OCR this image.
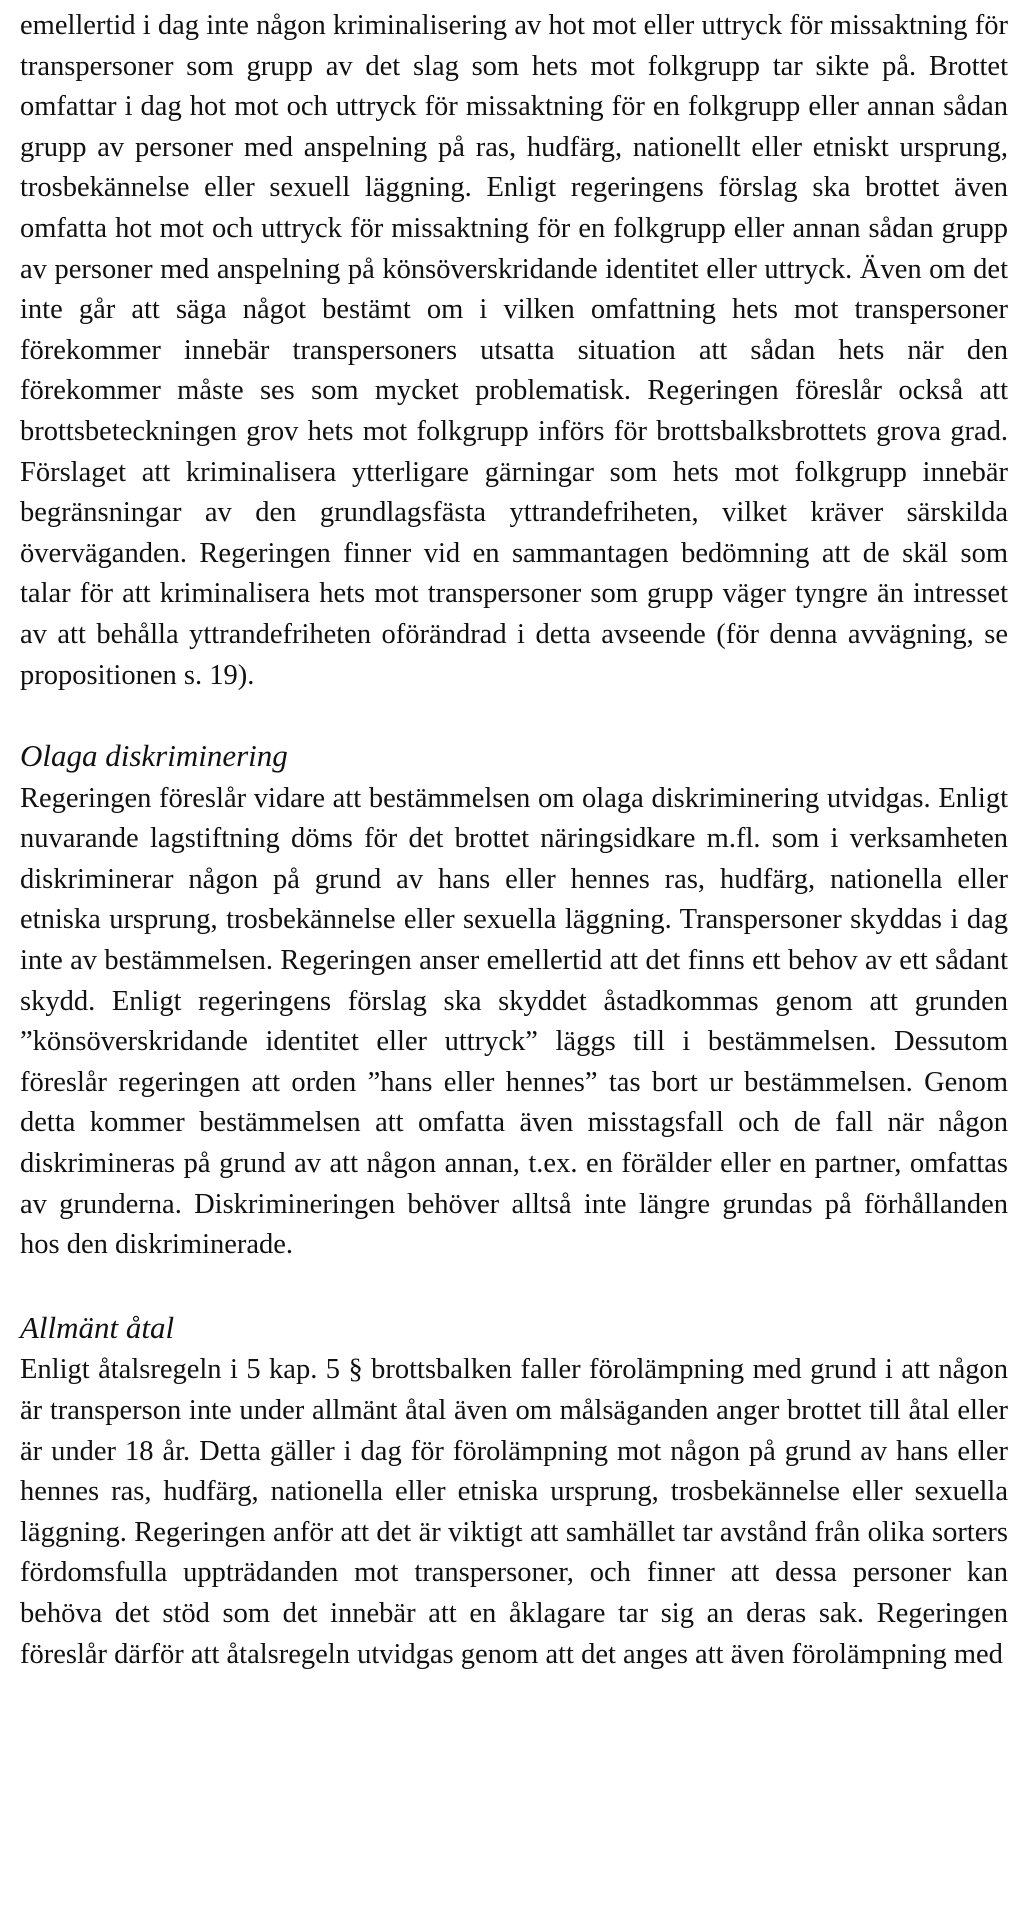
emellertid i dag inte någon kriminalisering av hot mot eller uttryck för missaktning för transpersoner som grupp av det slag som hets mot folkgrupp tar sikte på. Brottet omfattar i dag hot mot och uttryck för missaktning för en folkgrupp eller annan sådan grupp av personer med anspelning på ras, hudfärg, nationellt eller etniskt ursprung, trosbekännelse eller sexuell läggning. Enligt regeringens förslag ska brottet även omfatta hot mot och uttryck för missaktning för en folkgrupp eller annan sådan grupp av personer med anspelning på könsöverskridande identitet eller uttryck. Även om det inte går att säga något bestämt om i vilken omfattning hets mot transpersoner förekommer innebär transpersoners utsatta situation att sådan hets när den förekommer måste ses som mycket problematisk. Regeringen föreslår också att brottsbeteckningen grov hets mot folkgrupp införs för brottsbalksbrottets grova grad. Förslaget att kriminalisera ytterligare gärningar som hets mot folkgrupp innebär begränsningar av den grundlagsfästa yttrandefriheten, vilket kräver särskilda överväganden. Regeringen finner vid en sammantagen bedömning att de skäl som talar för att kriminalisera hets mot transpersoner som grupp väger tyngre än intresset av att behålla yttrandefriheten oförändrad i detta avseende (för denna avvägning, se propositionen s. 19).

Olaga diskriminering

Regeringen föreslår vidare att bestämmelsen om olaga diskriminering utvidgas. Enligt nuvarande lagstiftning döms för det brottet näringsidkare m.fl. som i verksamheten diskriminerar någon på grund av hans eller hennes ras, hudfärg, nationella eller etniska ursprung, trosbekännelse eller sexuella läggning. Transpersoner skyddas i dag inte av bestämmelsen. Regeringen anser emellertid att det finns ett behov av ett sådant skydd. Enligt regeringens förslag ska skyddet åstadkommas genom att grunden ”könsöverskridande identitet eller uttryck” läggs till i bestämmelsen. Dessutom föreslår regeringen att orden ”hans eller hennes” tas bort ur bestämmelsen. Genom detta kommer bestämmelsen att omfatta även misstagsfall och de fall när någon diskrimineras på grund av att någon annan, t.ex. en förälder eller en partner, omfattas av grunderna. Diskrimineringen behöver alltså inte längre grundas på förhållanden hos den diskriminerade.

Allmänt åtal

Enligt åtalsregeln i 5 kap. 5 § brottsbalken faller förolämpning med grund i att någon är transperson inte under allmänt åtal även om målsäganden anger brottet till åtal eller är under 18 år. Detta gäller i dag för förolämpning mot någon på grund av hans eller hennes ras, hudfärg, nationella eller etniska ursprung, trosbekännelse eller sexuella läggning. Regeringen anför att det är viktigt att samhället tar avstånd från olika sorters fördomsfulla uppträdanden mot transpersoner, och finner att dessa personer kan behöva det stöd som det innebär att en åklagare tar sig an deras sak. Regeringen föreslår därför att åtalsregeln utvidgas genom att det anges att även förolämpning med
